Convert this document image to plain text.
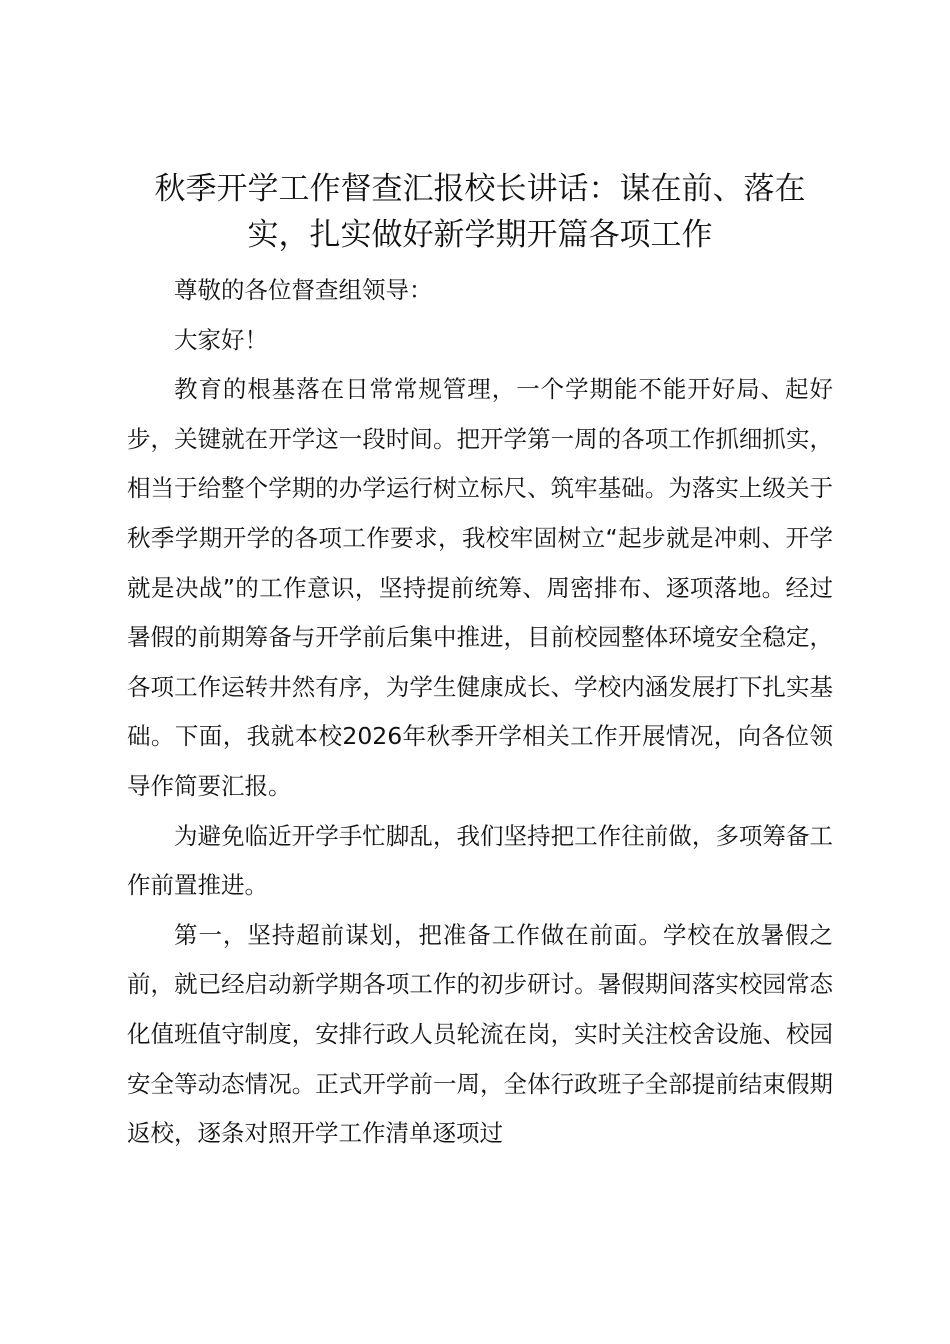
秋季开学工作督查汇报校长讲话：谋在前、落在实，扎实做好新学期开篇各项工作

尊敬的各位督查组领导：

大家好！

教育的根基落在日常常规管理，一个学期能不能开好局、起好步，关键就在开学这一段时间。把开学第一周的各项工作抓细抓实，相当于给整个学期的办学运行树立标尺、筑牢基础。为落实上级关于秋季学期开学的各项工作要求，我校牢固树立“起步就是冲刺、开学就是决战”的工作意识，坚持提前统筹、周密排布、逐项落地。经过暑假的前期筹备与开学前后集中推进，目前校园整体环境安全稳定，各项工作运转井然有序，为学生健康成长、学校内涵发展打下扎实基础。下面，我就本校2026年秋季开学相关工作开展情况，向各位领导作简要汇报。

为避免临近开学手忙脚乱，我们坚持把工作往前做，多项筹备工作前置推进。

第一，坚持超前谋划，把准备工作做在前面。学校在放暑假之前，就已经启动新学期各项工作的初步研讨。暑假期间落实校园常态化值班值守制度，安排行政人员轮流在岗，实时关注校舍设施、校园安全等动态情况。正式开学前一周，全体行政班子全部提前结束假期返校，逐条对照开学工作清单逐项过
